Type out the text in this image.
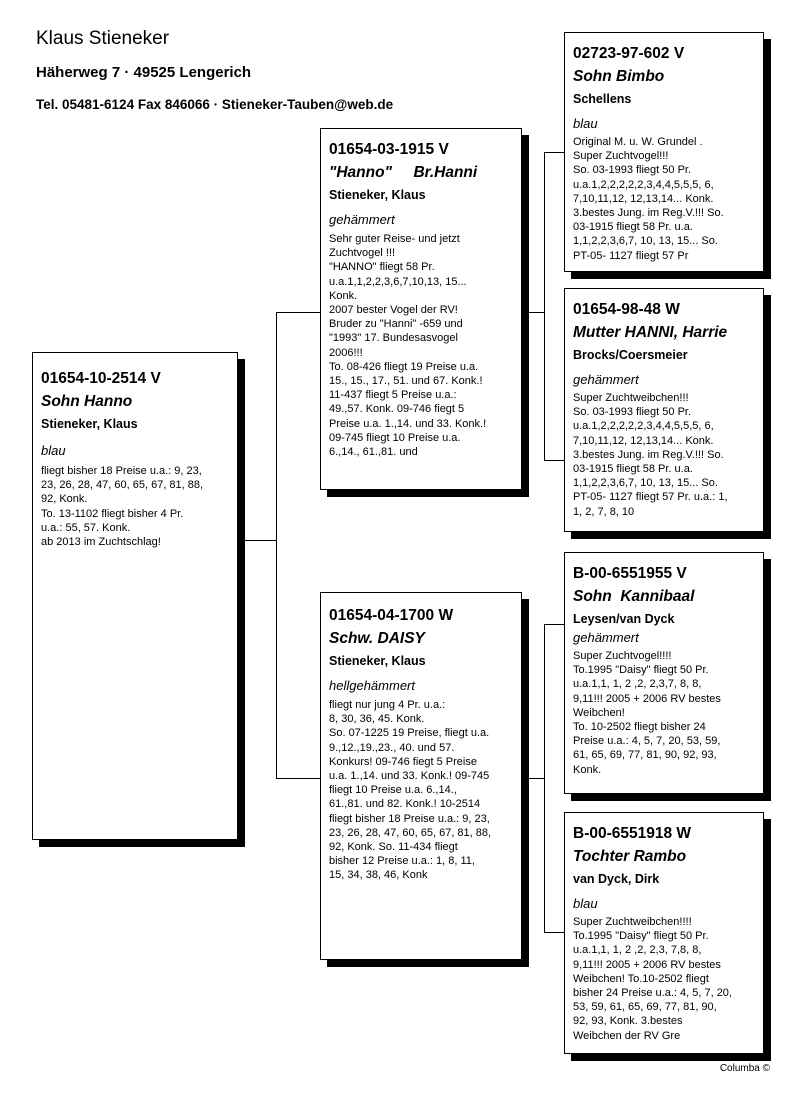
Klaus Stieneker
Häherweg 7 · 49525 Lengerich
Tel. 05481-6124 Fax 846066 · Stieneker-Tauben@web.de
01654-10-2514 V
Sohn Hanno
Stieneker, Klaus
blau
fliegt bisher 18 Preise u.a.: 9, 23,
23, 26, 28, 47, 60, 65, 67, 81, 88,
92, Konk.
To. 13-1102 fliegt bisher 4 Pr.
u.a.: 55, 57. Konk.
ab 2013 im Zuchtschlag!
01654-03-1915 V
"Hanno"     Br.Hanni
Stieneker, Klaus
gehämmert
Sehr guter Reise- und jetzt
Zuchtvogel !!!
"HANNO" fliegt 58 Pr.
u.a.1,1,2,2,3,6,7,10,13, 15...
Konk.
2007 bester Vogel der RV!
Bruder zu "Hanni" -659 und
"1993" 17. Bundesasvogel
2006!!!
To. 08-426 fliegt 19 Preise u.a.
15., 15., 17., 51. und 67. Konk.!
11-437 fliegt 5 Preise u.a.:
49.,57. Konk. 09-746 fiegt 5
Preise u.a. 1.,14. und 33. Konk.!
09-745 fliegt 10 Preise u.a.
6.,14., 61.,81. und
01654-04-1700 W
Schw. DAISY
Stieneker, Klaus
hellgehämmert
fliegt nur jung 4 Pr. u.a.:
8, 30, 36, 45. Konk.
So. 07-1225 19 Preise, fliegt u.a.
9.,12.,19.,23., 40. und 57.
Konkurs! 09-746 fiegt 5 Preise
u.a. 1.,14. und 33. Konk.! 09-745
fliegt 10 Preise u.a. 6.,14.,
61.,81. und 82. Konk.! 10-2514
fliegt bisher 18 Preise u.a.: 9, 23,
23, 26, 28, 47, 60, 65, 67, 81, 88,
92, Konk. So. 11-434 fliegt
bisher 12 Preise u.a.: 1, 8, 11,
15, 34, 38, 46, Konk
02723-97-602 V
Sohn Bimbo
Schellens
blau
Original M. u. W. Grundel .
Super Zuchtvogel!!!
So. 03-1993 fliegt 50 Pr.
u.a.1,2,2,2,2,2,3,4,4,5,5,5, 6,
7,10,11,12, 12,13,14... Konk.
3.bestes Jung. im Reg.V.!!! So.
03-1915 fliegt 58 Pr. u.a.
1,1,2,2,3,6,7, 10, 13, 15... So.
PT-05- 1127 fliegt 57 Pr
01654-98-48 W
Mutter HANNI, Harrie
Brocks/Coersmeier
gehämmert
Super Zuchtweibchen!!!
So. 03-1993 fliegt 50 Pr.
u.a.1,2,2,2,2,2,3,4,4,5,5,5, 6,
7,10,11,12, 12,13,14... Konk.
3.bestes Jung. im Reg.V.!!! So.
03-1915 fliegt 58 Pr. u.a.
1,1,2,2,3,6,7, 10, 13, 15... So.
PT-05- 1127 fliegt 57 Pr. u.a.: 1,
1, 2, 7, 8, 10
B-00-6551955 V
Sohn  Kannibaal
Leysen/van Dyck
gehämmert
Super Zuchtvogel!!!!
To.1995 "Daisy" fliegt 50 Pr.
u.a.1,1, 1, 2 ,2, 2,3,7, 8, 8,
9,11!!! 2005 + 2006 RV bestes
Weibchen!
To. 10-2502 fliegt bisher 24
Preise u.a.: 4, 5, 7, 20, 53, 59,
61, 65, 69, 77, 81, 90, 92, 93,
Konk.
B-00-6551918 W
Tochter Rambo
van Dyck, Dirk
blau
Super Zuchtweibchen!!!!
To.1995 "Daisy" fliegt 50 Pr.
u.a.1,1, 1, 2 ,2, 2,3, 7,8, 8,
9,11!!! 2005 + 2006 RV bestes
Weibchen! To.10-2502 fliegt
bisher 24 Preise u.a.: 4, 5, 7, 20,
53, 59, 61, 65, 69, 77, 81, 90,
92, 93, Konk. 3.bestes
Weibchen der RV Gre
Columba ©
